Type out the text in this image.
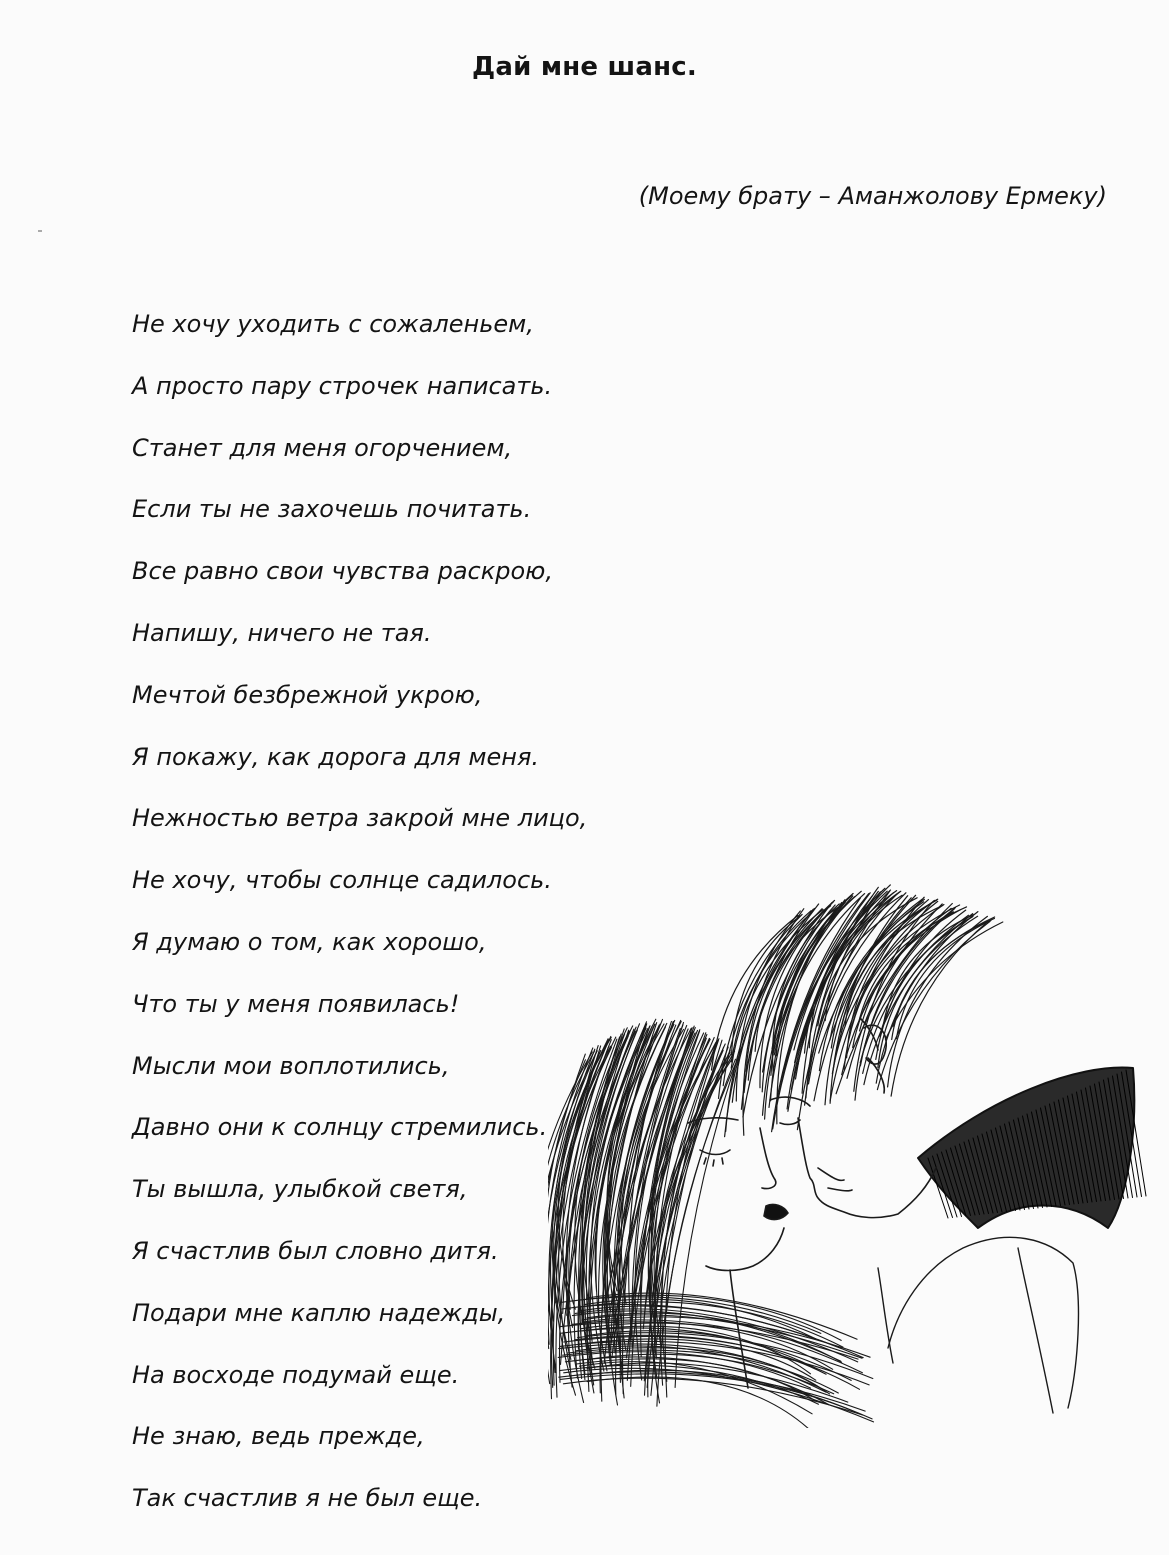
Дай мне шанс.
(Моему брату – Аманжолову Ермеку)
Не хочу уходить с сожаленьем,
А просто пару строчек написать.
Станет для меня огорчением,
Если ты не захочешь почитать.
Все равно свои чувства раскрою,
Напишу, ничего не тая.
Мечтой безбрежной укрою,
Я покажу, как дорога для меня.
Нежностью ветра закрой мне лицо,
Не хочу, чтобы солнце садилось.
Я думаю о том, как хорошо,
Что ты у меня появилась!
Мысли мои воплотились,
Давно они к солнцу стремились.
Ты вышла, улыбкой светя,
Я счастлив был словно дитя.
Подари мне каплю надежды,
На восходе подумай еще.
Не знаю, ведь прежде,
Так счастлив я не был еще.
